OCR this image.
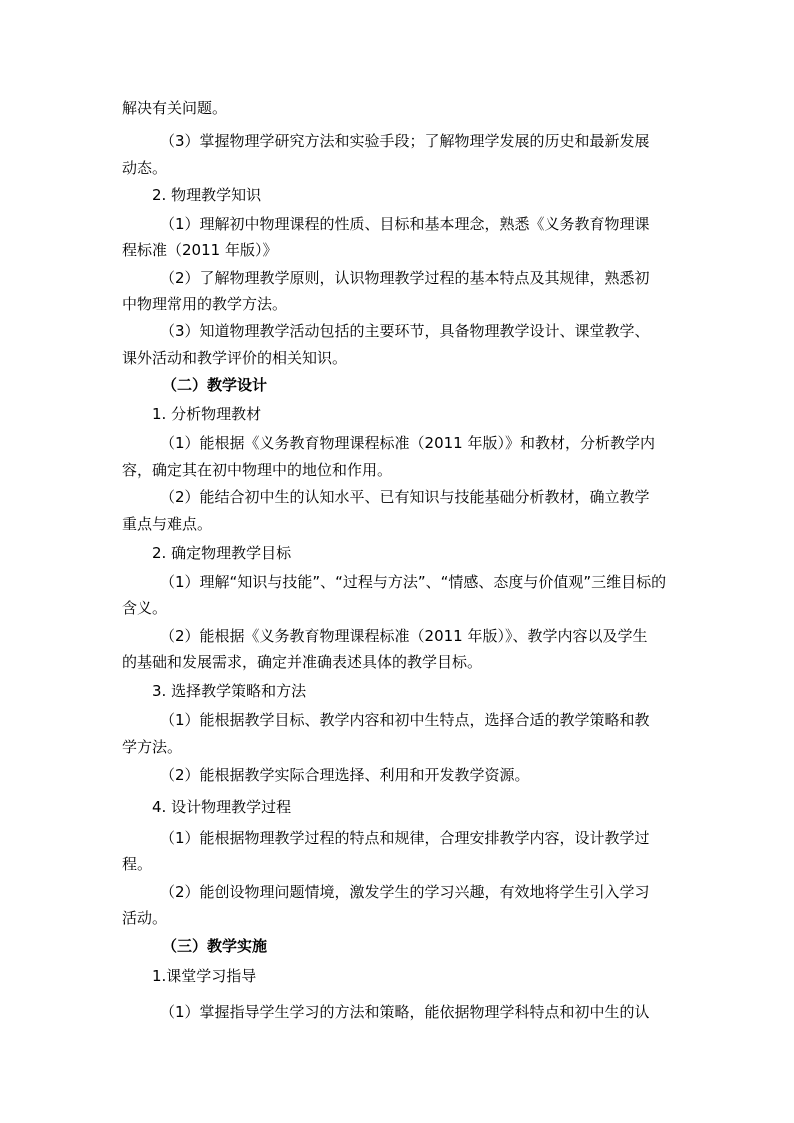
解决有关问题。
（3）掌握物理学研究方法和实验手段；了解物理学发展的历史和最新发展
动态。
2. 物理教学知识
（1）理解初中物理课程的性质、目标和基本理念，熟悉《义务教育物理课
程标准（2011 年版）》
（2）了解物理教学原则，认识物理教学过程的基本特点及其规律，熟悉初
中物理常用的教学方法。
（3）知道物理教学活动包括的主要环节，具备物理教学设计、课堂教学、
课外活动和教学评价的相关知识。
（二）教学设计
1. 分析物理教材
（1）能根据《义务教育物理课程标准（2011 年版）》和教材，分析教学内
容，确定其在初中物理中的地位和作用。
（2）能结合初中生的认知水平、已有知识与技能基础分析教材，确立教学
重点与难点。
2. 确定物理教学目标
（1）理解“知识与技能”、“过程与方法”、“情感、态度与价值观”三维目标的
含义。
（2）能根据《义务教育物理课程标准（2011 年版）》、教学内容以及学生
的基础和发展需求，确定并准确表述具体的教学目标。
3. 选择教学策略和方法
（1）能根据教学目标、教学内容和初中生特点，选择合适的教学策略和教
学方法。
（2）能根据教学实际合理选择、利用和开发教学资源。
4. 设计物理教学过程
（1）能根据物理教学过程的特点和规律，合理安排教学内容，设计教学过
程。
（2）能创设物理问题情境，激发学生的学习兴趣，有效地将学生引入学习
活动。
（三）教学实施
1.课堂学习指导
（1）掌握指导学生学习的方法和策略，能依据物理学科特点和初中生的认
